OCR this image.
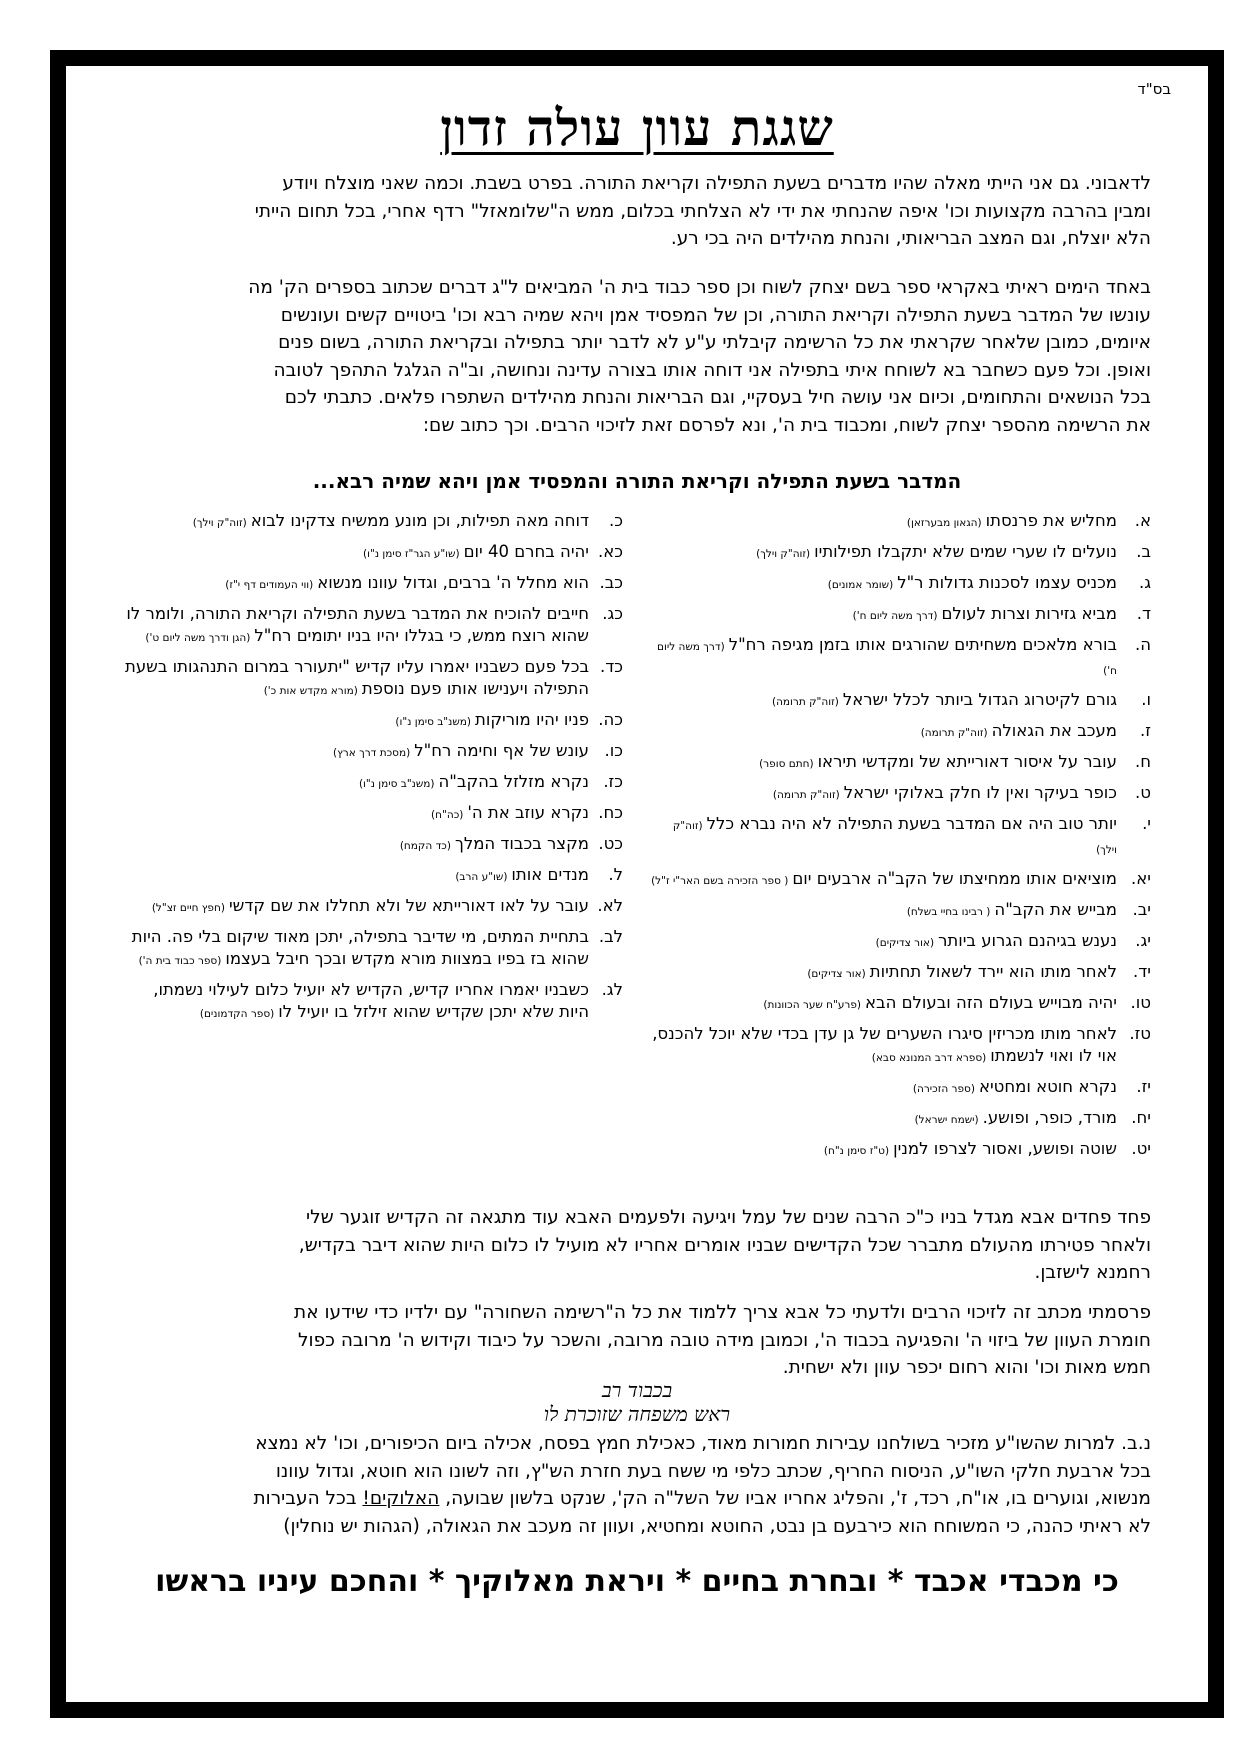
בס"ד
שגגת עוון עולה זדון
לדאבוני. גם אני הייתי מאלה שהיו מדברים בשעת התפילה וקריאת התורה. בפרט בשבת. וכמה שאני מוצלח ויודע
ומבין בהרבה מקצועות וכו' איפה שהנחתי את ידי לא הצלחתי בכלום, ממש ה"שלומאזל" רדף אחרי, בכל תחום הייתי
הלא יוצלח, וגם המצב הבריאותי, והנחת מהילדים היה בכי רע.
באחד הימים ראיתי באקראי ספר בשם יצחק לשוח וכן ספר כבוד בית ה' המביאים ל"ג דברים שכתוב בספרים הק' מה
עונשו של המדבר בשעת התפילה וקריאת התורה, וכן של המפסיד אמן ויהא שמיה רבא וכו' ביטויים קשים ועונשים
איומים, כמובן שלאחר שקראתי את כל הרשימה קיבלתי ע"ע לא לדבר יותר בתפילה ובקריאת התורה, בשום פנים
ואופן. וכל פעם כשחבר בא לשוחח איתי בתפילה אני דוחה אותו בצורה עדינה ונחושה, וב"ה הגלגל התהפך לטובה
בכל הנושאים והתחומים, וכיום אני עושה חיל בעסקיי, וגם הבריאות והנחת מהילדים השתפרו פלאים. כתבתי לכם
את הרשימה מהספר יצחק לשוח, ומכבוד בית ה', ונא לפרסם זאת לזיכוי הרבים. וכך כתוב שם:
המדבר בשעת התפילה וקריאת התורה והמפסיד אמן ויהא שמיה רבא...
א.
מחליש את פרנסתו(הגאון מבערזאן)
ב.
נועלים לו שערי שמים שלא יתקבלו תפילותיו(זוה"ק וילך)
ג.
מכניס עצמו לסכנות גדולות ר"ל(שומר אמונים)
ד.
מביא גזירות וצרות לעולם(דרך משה ליום ח')
ה.
בורא מלאכים משחיתים שהורגים אותו בזמן מגיפה רח"ל(דרך משה ליום ח')
ו.
גורם לקיטרוג הגדול ביותר לכלל ישראל(זוה"ק תרומה)
ז.
מעכב את הגאולה(זוה"ק תרומה)
ח.
עובר על איסור דאורייתא של ומקדשי תיראו(חתם סופר)
ט.
כופר בעיקר ואין לו חלק באלוקי ישראל(זוה"ק תרומה)
י.
יותר טוב היה אם המדבר בשעת התפילה לא היה נברא כלל(זוה"ק וילך)
יא.
מוציאים אותו ממחיצתו של הקב"ה ארבעים יום( ספר הזכירה בשם האר"י ז"ל)
יב.
מבייש את הקב"ה( רבינו בחיי בשלח)
יג.
נענש בגיהנם הגרוע ביותר(אור צדיקים)
יד.
לאחר מותו הוא יירד לשאול תחתיות(אור צדיקים)
טו.
יהיה מבוייש בעולם הזה ובעולם הבא(פרע"ח שער הכוונות)
טז.
לאחר מותו מכריזין סיגרו השערים של גן עדן בכדי שלא יוכל להכנס, אוי לו ואוי לנשמתו(ספרא דרב המנונא סבא)
יז.
נקרא חוטא ומחטיא(ספר הזכירה)
יח.
מורד, כופר, ופושע.(ישמח ישראל)
יט.
שוטה ופושע, ואסור לצרפו למנין(ט"ז סימן נ"ח)
כ.
דוחה מאה תפילות, וכן מונע ממשיח צדקינו לבוא(זוה"ק וילך)
כא.
יהיה בחרם 40 יום(שו"ע הגר"ז סימן נ"ו)
כב.
הוא מחלל ה' ברבים, וגדול עוונו מנשוא(ווי העמודים דף י"ז)
כג.
חייבים להוכיח את המדבר בשעת התפילה וקריאת התורה, ולומר לו שהוא רוצח ממש, כי בגללו יהיו בניו יתומים רח"ל(הגן ודרך משה ליום ט')
כד.
בכל פעם כשבניו יאמרו עליו קדיש "יתעורר במרום התנהגותו בשעת התפילה ויענישו אותו פעם נוספת(מורא מקדש אות כ')
כה.
פניו יהיו מוריקות(משנ"ב סימן נ"ו)
כו.
עונש של אף וחימה רח"ל(מסכת דרך ארץ)
כז.
נקרא מזלזל בהקב"ה(משנ"ב סימן נ"ו)
כח.
נקרא עוזב את ה'(כה"ח)
כט.
מקצר בכבוד המלך(כד הקמח)
ל.
מנדים אותו(שו"ע הרב)
לא.
עובר על לאו דאורייתא של ולא תחללו את שם קדשי(חפץ חיים זצ"ל)
לב.
בתחיית המתים, מי שדיבר בתפילה, יתכן מאוד שיקום בלי פה. היות שהוא בז בפיו במצוות מורא מקדש ובכך חיבל בעצמו(ספר כבוד בית ה')
לג.
כשבניו יאמרו אחריו קדיש, הקדיש לא יועיל כלום לעילוי נשמתו, היות שלא יתכן שקדיש שהוא זילזל בו יועיל לו(ספר הקדמונים)
פחד פחדים אבא מגדל בניו כ"כ הרבה שנים של עמל ויגיעה ולפעמים האבא עוד מתגאה זה הקדיש זוגער שלי
ולאחר פטירתו מהעולם מתברר שכל הקדישים שבניו אומרים אחריו לא מועיל לו כלום היות שהוא דיבר בקדיש,
רחמנא לישזבן.
פרסמתי מכתב זה לזיכוי הרבים ולדעתי כל אבא צריך ללמוד את כל ה"רשימה השחורה" עם ילדיו כדי שידעו את
חומרת העוון של ביזוי ה' והפגיעה בכבוד ה', וכמובן מידה טובה מרובה, והשכר על כיבוד וקידוש ה' מרובה כפול
חמש מאות וכו' והוא רחום יכפר עוון ולא ישחית.
בכבוד רב
ראש משפחה שזוכרת לו
נ.ב. למרות שהשו"ע מזכיר בשולחנו עבירות חמורות מאוד, כאכילת חמץ בפסח, אכילה ביום הכיפורים, וכו' לא נמצא
בכל ארבעת חלקי השו"ע, הניסוח החריף, שכתב כלפי מי ששח בעת חזרת הש"ץ, וזה לשונו הוא חוטא, וגדול עוונו
מנשוא, וגוערים בו, או"ח, רכד, ז', והפליג אחריו אביו של השל"ה הק', שנקט בלשון שבועה, האלוקים! בכל העבירות
לא ראיתי כהנה, כי המשוחח הוא כירבעם בן נבט, החוטא ומחטיא, ועוון זה מעכב את הגאולה, (הגהות יש נוחלין)
כי מכבדי אכבד * ובחרת בחיים * ויראת מאלוקיך * והחכם עיניו בראשו
